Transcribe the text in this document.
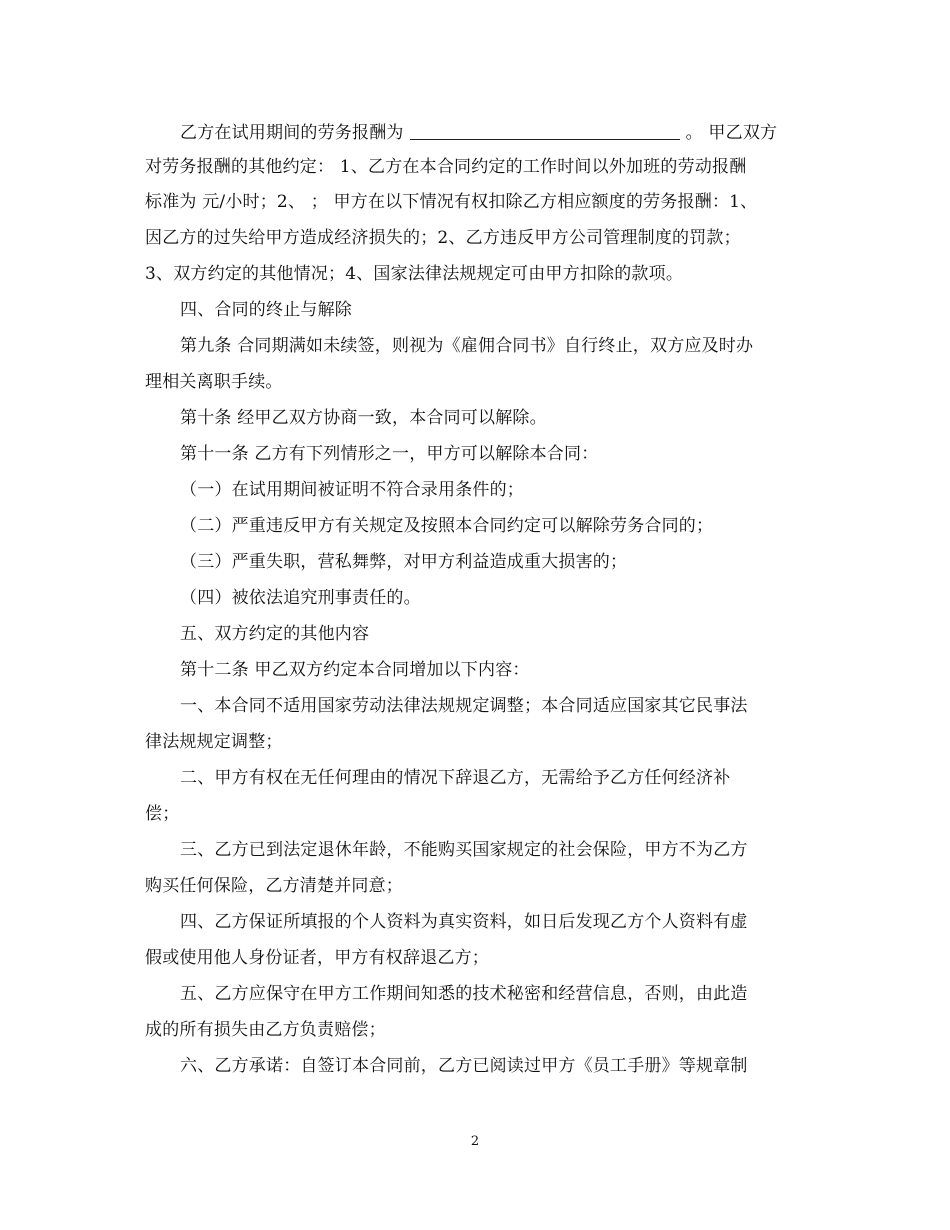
乙方在试用期间的劳务报酬为	。 甲乙双方
对劳务报酬的其他约定： 1、乙方在本合同约定的工作时间以外加班的劳动报酬
标准为 元/小时；2、 ； 甲方在以下情况有权扣除乙方相应额度的劳务报酬：1、
因乙方的过失给甲方造成经济损失的；2、乙方违反甲方公司管理制度的罚款；
3、双方约定的其他情况；4、国家法律法规规定可由甲方扣除的款项。
四、合同的终止与解除
第九条 合同期满如未续签，则视为《雇佣合同书》自行终止，双方应及时办
理相关离职手续。
第十条 经甲乙双方协商一致，本合同可以解除。
第十一条 乙方有下列情形之一，甲方可以解除本合同：
（一）在试用期间被证明不符合录用条件的；
（二）严重违反甲方有关规定及按照本合同约定可以解除劳务合同的；
（三）严重失职，营私舞弊，对甲方利益造成重大损害的；
（四）被依法追究刑事责任的。
五、双方约定的其他内容
第十二条 甲乙双方约定本合同增加以下内容：
一、本合同不适用国家劳动法律法规规定调整；本合同适应国家其它民事法
律法规规定调整；
二、甲方有权在无任何理由的情况下辞退乙方，无需给予乙方任何经济补
偿；
三、乙方已到法定退休年龄，不能购买国家规定的社会保险，甲方不为乙方
购买任何保险，乙方清楚并同意；
四、乙方保证所填报的个人资料为真实资料，如日后发现乙方个人资料有虚
假或使用他人身份证者，甲方有权辞退乙方；
五、乙方应保守在甲方工作期间知悉的技术秘密和经营信息，否则，由此造
成的所有损失由乙方负责赔偿；
六、乙方承诺：自签订本合同前，乙方已阅读过甲方《员工手册》等规章制
2
